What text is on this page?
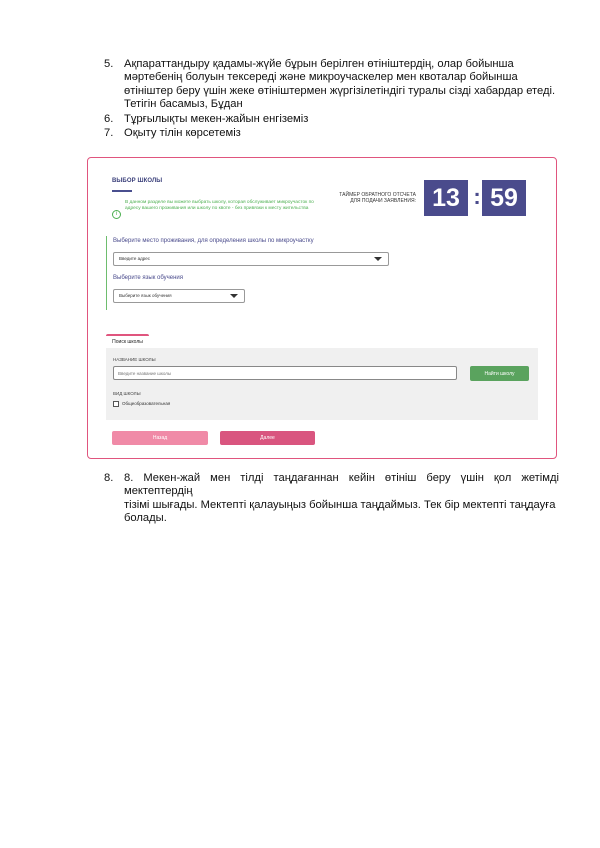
5. Ақпараттандыру қадамы-жүйе бұрын берілген өтініштердің, олар бойынша
мәртебенің болуын тексереді және микроучаскелер мен квоталар бойынша
өтініштер беру үшін жеке өтініштермен жүргізілетіндігі туралы сізді хабардар етеді.
Тетігін басамыз, Бұдан
6. Тұрғылықты мекен-жайын енгіземіз
7. Оқыту тілін көрсетеміз
ВЫБОР ШКОЛЫ
i
В данном разделе вы можете выбрать школу, которая обслуживает микроучасток по
адресу вашего проживания или школу по квоте - без привязки к месту жительства
ТАЙМЕР ОБРАТНОГО ОТСЧЕТА
ДЛЯ ПОДАЧИ ЗАЯВЛЕНИЯ: 13 : 59
Выберите место проживания, для определения школы по микроучастку
Введите адрес
Выберите язык обучения
Выберите язык обучения
Поиск школы
НАЗВАНИЕ ШКОЛЫ
Введите название школы
Найти школу
ВИД ШКОЛЫ
Общеобразовательная
Назад	Далее
8. 8. Мекен-жай мен тілді таңдағаннан кейін өтініш беру үшін қол жетімді мектептердің
тізімі шығады. Мектепті қалауыңыз бойынша таңдаймыз. Тек бір мектепті таңдауға
болады.
